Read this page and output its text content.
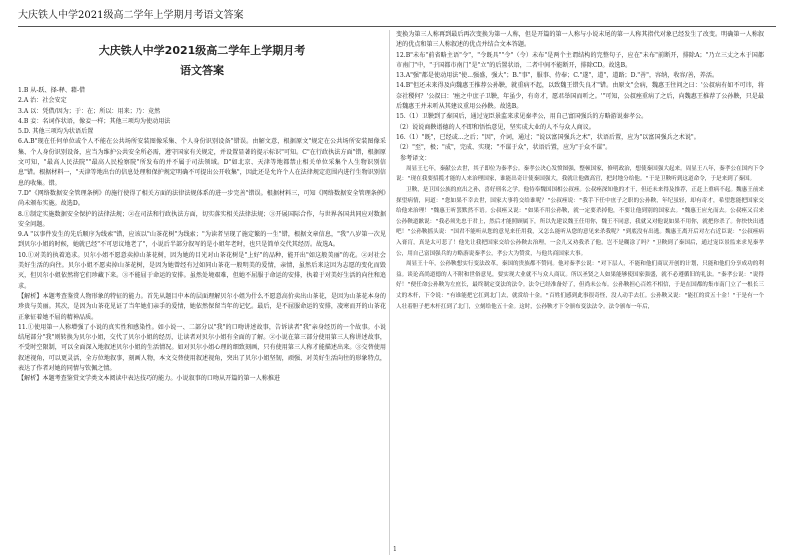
大庆铁人中学2021级高二学年上学期月考语文答案
大庆铁人中学2021级高二学年上学期月考
语文答案

1.B 从-跃、择-释、藉-借

2.A 治：社会安定

3.A 以：凭借/因为；于：在；所以：用来；乃：竟然

4.B 妾：名词作状语，像妾一样；其他三项均为使动用法

5.D. 其他三项均为状语后置

6.A.B"现在任何单位或个人不能在公共场所安装图像采集、个人身份识别设备"错误。由解文意，根据原文"规定在公共场所安装图像采集、个人身份识别设备，应当为维护公共安全所必需，遵守国家有关规定，并设置显著的提示标识"可知。C"在行政执法方面"错，根据原文可知，"最高人民法院""最高人民检察院"所发布的并不属于司法领域。D"如北京、天津等地都禁止相关单位采集个人生物识别信息"错。根据材料一，"天津等地出台的信息处理和保护规定明确不可提出公开收集"，因此还是允许个人在法律规定范围内进行生物识别信息的收集。错。

7.D"《网络数据安全管理条例》的施行使得了相关方面的法律法规体系的进一步完善"错误。根据材料三，可知《网络数据安全管理条例》尚未颁布实施。故选D。

8.①制定实施数据安全保护的法律法规；②在司法和行政执法方面，切实落实相关法律法规；③开展国际合作，与世界各国共同应对数据安全问题。

9.A "以事件发生的先后顺序为线索"错，应该以"山茶花树"为线索；"为读者呈现了施定繁的一生"错，根据文章信息，"我"八岁第一次见到贝尔小姐的时候，她就已经"不可思议地老了"，小说后半部分叙写的是小姐年老时，也只是简单交代其经历。故选A。

10.①对美的执着追求。贝尔小姐不愿意卖掉山茶花树，因为她的目光对山茶花树是"上好"的品种，能开出"如这般美丽"的花。②对社会美好生活的向往。贝尔小姐不愿卖掉山茶花树，是因为她曾经有过如同山茶花一般明美的爱情，亲情，虽然后来这因为志愿的变化而毁灭，但贝尔小姐依然将它们珍藏下来。③不能屈于命运的安排。虽然处境艰难，但她不屈服于命运的安排，执着于对美好生活的向往和追求。

【解析】本题考查鉴赏人物形象的特征的能力。首先从题目中本的层面理解贝尔小姐为什么不愿意高价卖出山茶花，是因为山茶花本身的珍贵与美丽。其次，是因为山茶花见证了当年她们亲手的爱情，她依然保留当年的记忆。最后，是不屈服命运的安排，凌寒而开的山茶花正象征着她不屈的精神品质。

11.①使用第一人称增强了小说的真实性和感染性。如小说一、二部分以"我"的口吻讲述故事，告诉读者"我"亲身经历的一个故事。小说结尾部分"我"则转换为贝尔小姐，交代了贝尔小姐的经历，让读者对贝尔小姐有全面的了解。②小说在第三部分使用第三人称讲述故事，不受时空限制，可以全面深入地叙述贝尔小姐的生活情况。如对贝尔小姐心理的细致刻画，只有使用第三人称才能描述出来。③交替使用叙述视角，可以更灵活，全方位地叙事，刻画人物，本文交替使用叙述视角，突出了贝尔小姐坚韧，顽强、对美好生活向往的形象特点，表达了作者对她的同情与钦佩之情。

【解析】本题考查鉴赏文学类文本阅读中表达技巧的能力。小说叙事的口吻从开篇的第一人称推进

变换为第三人称再到最后再次变换为第一人称，但是开篇的第一人称与小说末尾的第一人称其指代对象已经发生了改变。明确第一人称叙述的优点和第三人称叙述的优点并结合文本答题。

12.B"未布"前省略主语"令"，"令既具""令"（令）未布"是两个主谓结构的完整句子，应在"未布"前断开，排除A；"乃立三丈之木于国都市南门"中，"于国都市南门"是"立"的后置状语，二者中间不能断开，排除CD。故选B。

13.A"强"都是使动用法"使...强盛，强大"；B."事"，服事、侍奉；C."遂"，道"，道路；D."善"，容纳，收容/善，养活。

14.B"但还未来得及向魏惠王推荐公孙鞅，就重病不起，以致魏王错失良才"错。由原文"会病，魏惠王往问之曰：'公叔病有如不可讳，将奈社稷何？'公叔曰：'痤之中庶子卫鞅，年虽少，有奇才，愿君举国而听之。'"可知，公叔痤重病了之后，向魏惠王推荐了公孙鞅，只是最后魏惠王并未听从其建议重用公孙鞅。故选B。

15.（1）卫鞅到了秦国后，通过宠臣景监来求见秦孝公，用自己富国强兵的方略游说秦孝公。

（2）说说商鞅谱德的人不即和悟怡意见，坚实成大业的人不与众人商议。

16.（1）"既"，已经或...之后；"因"，介词，通过；"说以富国强兵之术"，状语后置，应为"以富国强兵之术说"。

（2）"至"，极；"成"，完成、实现；"不谋于众"，状语后置，应为"于众不谋"。

参考译文：

周显王七年，秦献公去世，其子即位为秦孝公。秦孝公决心发愤图强，整顿国家，修明政治，想使秦国强大起来。周显王八年，秦孝公在国内下令说："现在我要招揽才能的人来治理国家，谁能出奇计使秦国强大，我就让他做高官，把封地分给他。"于是卫鞅听到这道命令，于是来到了秦国。

卫鞅，是卫国公族的庶出之孙，喜好刑名之学。他侍奉魏国国相公叔痤。公叔痤深知他的才干，但还未来得及推荐，正赶上重病不起。魏惠王前来探望病情，问道："您如果不幸去世，国家大事将交给谁呢？"公叔痤说："我手下任中庶子之职的公孙鞅，年纪虽轻，却有奇才，希望您能把国家交给他来治理！"魏惠王听罢默然不语。公叔痤又说："如果不用公孙鞅，就一定要杀掉他，不要让他到别的国家去。"魏惠王应允而去。公叔痤又召来公孙鞅道歉说："我必须先忠于君上，然后才能照顾属下，所以先建议魏王任用你，魏王不同意，我就又对他说如果不用你，就把你杀了。你快快出逃吧！"公孙鞅摇头说："国君不能听从您的意见来任用我，又怎么能听从您的意见来杀我呢？"到底没有出逃。魏惠王离开后对左右近臣说："公叔痤病入膏肓，真是太可悲了！他先让我把国家交给公孙鞅去治理，一会儿又劝我杀了他，岂不是糊涂了吗？"卫鞅到了秦国后，通过宠臣景监来求见秦孝公，用自己富国强兵的方略游说秦孝公，孝公大为赞赏，与他共商国家大事。

周显王十年，公孙鞅想实行变法改革，秦国的贵族都不赞同。他对秦孝公说："对下层人，不能和他们商议开创的计划，只能和他们分享成功的利益。谈论高尚道德的人不附和世俗意见，要实现大业就不与众人商议。所以圣贤之人如果能够使国家强盛，就不必遵循旧的礼法。"秦孝公说："说得好！"便任命公孙鞅为左庶长，最终制定变法的法令。法令已经准备好了，但尚未公布。公孙鞅担心百姓不相信，于是在国都的集市南门立了一根长三丈的木杆，下令说："有谁能把它扛到北门去，就赏给十金。"百姓们感到此事很奇怪，没人动手去扛。公孙鞅又说："能扛的赏五十金！"于是有一个人壮着胆子把木杆扛到了北门，立刻给他五十金。这时，公孙鞅才下令颁布变法法令。法令颁布一年后，

1
